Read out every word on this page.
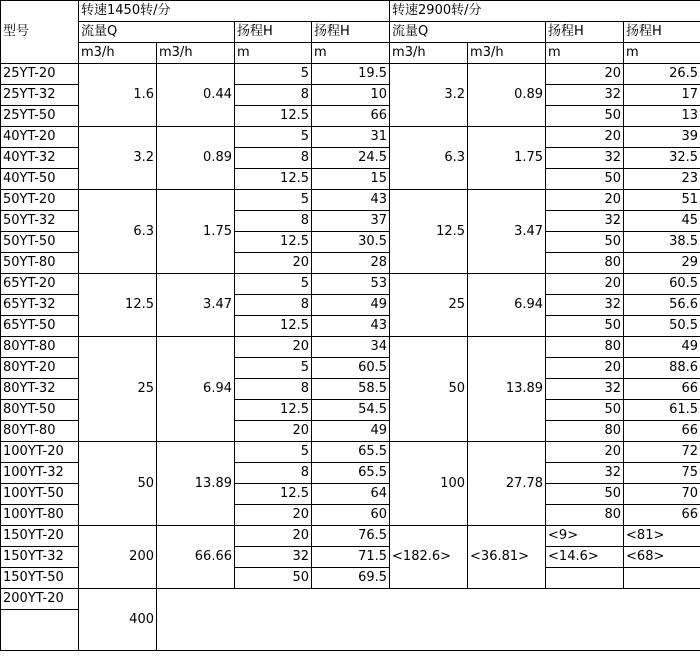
型号	转速1450转/分				转速2900转/分			
	流量Q		扬程H	扬程H	流量Q		扬程H	扬程H
	m3/h	m3/h	m	m	m3/h	m3/h	m	m
25YT-20	1.6	0.44	5	19.5	3.2	0.89	20	26.5
25YT-32			8	10			32	17
25YT-50			12.5	66			50	13
40YT-20	3.2	0.89	5	31	6.3	1.75	20	39
40YT-32			8	24.5			32	32.5
40YT-50			12.5	15			50	23
50YT-20	6.3	1.75	5	43	12.5	3.47	20	51
50YT-32			8	37			32	45
50YT-50			12.5	30.5			50	38.5
50YT-80			20	28			80	29
65YT-20	12.5	3.47	5	53	25	6.94	20	60.5
65YT-32			8	49			32	56.6
65YT-50			12.5	43			50	50.5
80YT-80	25	6.94	20	34	50	13.89	80	49
80YT-20			5	60.5			20	88.6
80YT-32			8	58.5			32	66
80YT-50			12.5	54.5			50	61.5
80YT-80			20	49			80	66
100YT-20	50	13.89	5	65.5	100	27.78	20	72
100YT-32			8	65.5			32	75
100YT-50			12.5	64			50	70
100YT-80			20	60			80	66
150YT-20	200	66.66	20	76.5	<182.6>	<36.81>	<9>	<81>
150YT-32			32	71.5			<14.6>	<68>
150YT-50			50	69.5				
200YT-20	400							
